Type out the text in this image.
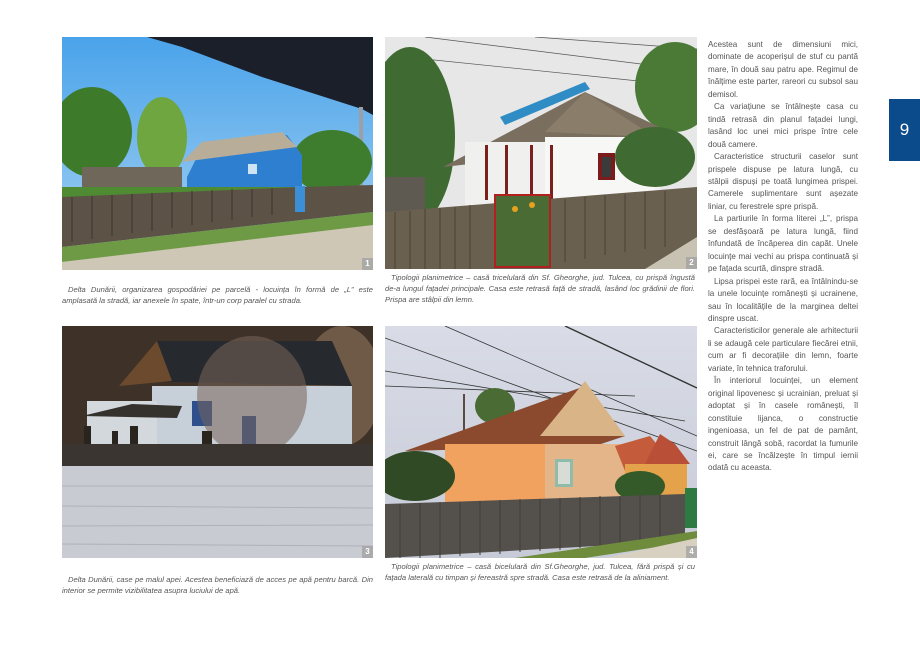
1	2
3	4
Delta Dunării, organizarea gospodăriei pe parcelă - locuința în formă de „L” este amplasată la stradă, iar anexele în spate, într-un corp paralel cu strada.
Tipologii planimetrice – casă tricelulară din Sf. Gheorghe, jud. Tulcea, cu prispă îngustă de-a lungul fațadei principale. Casa este retrasă față de stradă, lasând loc grădinii de flori. Prispa are stâlpii din lemn.
Delta Dunării, case pe malul apei. Acestea beneficiază de acces pe apă pentru barcă. Din interior se permite vizibilitatea asupra luciului de apă.
Tipologii planimetrice – casă bicelulară din Sf.Gheorghe, jud. Tulcea, fără prispă și cu fațada laterală cu timpan și fereastră spre stradă. Casa este retrasă de la aliniament.

Acestea sunt de dimensiuni mici, dominate de acoperișul de stuf cu pantă mare, în două sau patru ape. Regimul de înălțime este parter, rareori cu subsol sau demisol.

Ca variațiune se întâlnește casa cu tindă retrasă din planul fațadei lungi, lasând loc unei mici prispe între cele două camere.

Caracteristice structurii caselor sunt prispele dispuse pe latura lungă, cu stâlpii dispuși pe toată lungimea prispei. Camerele suplimentare sunt așezate liniar, cu ferestrele spre prispă.

La partiurile în forma literei „L”, prispa se desfășoară pe latura lungă, fiind înfundată de încăperea din capăt. Unele locuințe mai vechi au prispa continuată și pe fațada scurtă, dinspre stradă.

Lipsa prispei este rară, ea întâlnindu-se la unele locuințe românești și ucrainene, sau în localitățile de la marginea deltei dinspre uscat.

Caracteristicilor generale ale arhitecturii li se adaugă cele particulare fiecărei etnii, cum ar fi decorațiile din lemn, foarte variate, în tehnica traforului.

În interiorul locuinței, un element original lipovenesc și ucrainian, preluat și adoptat și în casele românești, îl constituie lijanca, o constructie ingenioasa, un fel de pat de pamânt, construit lângă sobă, racordat la fumurile ei, care se încălzește în timpul iernii odată cu aceasta.

9
